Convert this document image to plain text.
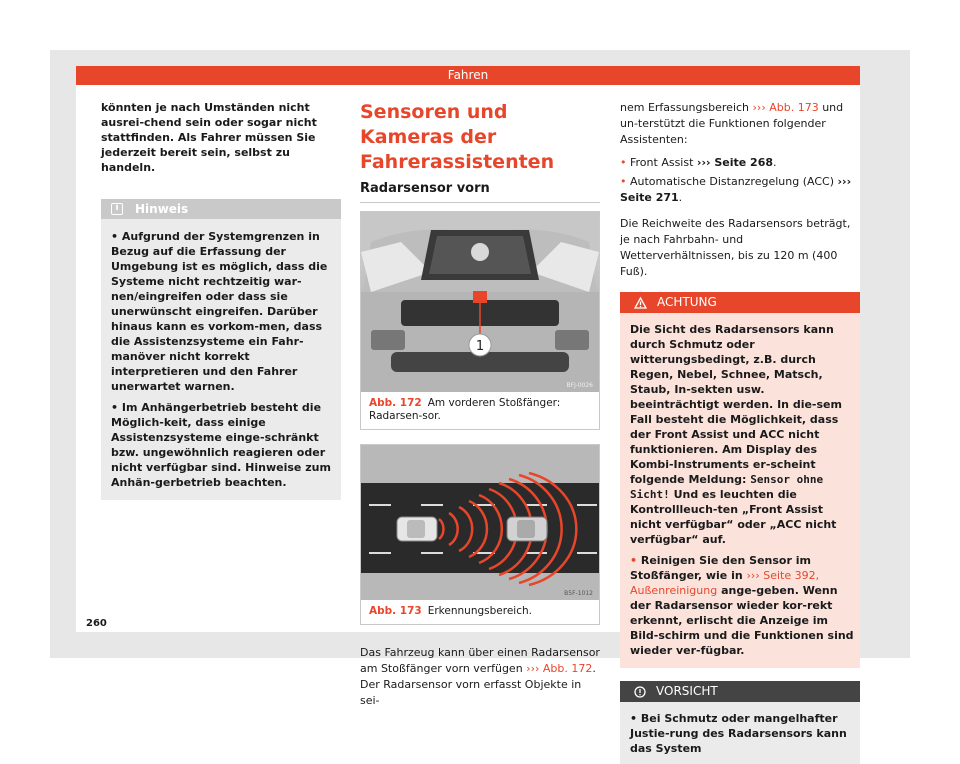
Fahren

könnten je nach Umständen nicht ausrei-chend sein oder sogar nicht stattfinden. Als Fahrer müssen Sie jederzeit bereit sein, selbst zu handeln.

i	Hinweis

• Aufgrund der Systemgrenzen in Bezug auf die Erfassung der Umgebung ist es möglich, dass die Systeme nicht rechtzeitig war-nen/eingreifen oder dass sie unerwünscht eingreifen. Darüber hinaus kann es vorkom-men, dass die Assistenzsysteme ein Fahr-manöver nicht korrekt interpretieren und den Fahrer unerwartet warnen.

• Im Anhängerbetrieb besteht die Möglich-keit, dass einige Assistenzsysteme einge-schränkt bzw. ungewöhnlich reagieren oder nicht verfügbar sind. Hinweise zum Anhän-gerbetrieb beachten.

Sensoren und Kameras der Fahrerassistenten
Radarsensor vorn
1
BFJ-0026
Abb. 172 Am vorderen Stoßfänger: Radarsen-sor.
B5F-1012
Abb. 173 Erkennungsbereich.

Das Fahrzeug kann über einen Radarsensor am Stoßfänger vorn verfügen ››› Abb. 172. Der Radarsensor vorn erfasst Objekte in sei-

nem Erfassungsbereich ››› Abb. 173 und un-terstützt die Funktionen folgender Assistenten:

• Front Assist ››› Seite 268.

• Automatische Distanzregelung (ACC) ››› Seite 271.

Die Reichweite des Radarsensors beträgt, je nach Fahrbahn- und Wetterverhältnissen, bis zu 120 m (400 Fuß).

ACHTUNG

Die Sicht des Radarsensors kann durch Schmutz oder witterungsbedingt, z.B. durch Regen, Nebel, Schnee, Matsch, Staub, In-sekten usw. beeinträchtigt werden. In die-sem Fall besteht die Möglichkeit, dass der Front Assist und ACC nicht funktionieren. Am Display des Kombi-Instruments er-scheint folgende Meldung: Sensor ohne Sicht! Und es leuchten die Kontrollleuch-ten „Front Assist nicht verfügbar“ oder „ACC nicht verfügbar“ auf.

• Reinigen Sie den Sensor im Stoßfänger, wie in ››› Seite 392, Außenreinigung ange-geben. Wenn der Radarsensor wieder kor-rekt erkennt, erlischt die Anzeige im Bild-schirm und die Funktionen sind wieder ver-fügbar.

VORSICHT

• Bei Schmutz oder mangelhafter Justie-rung des Radarsensors kann das System

260
